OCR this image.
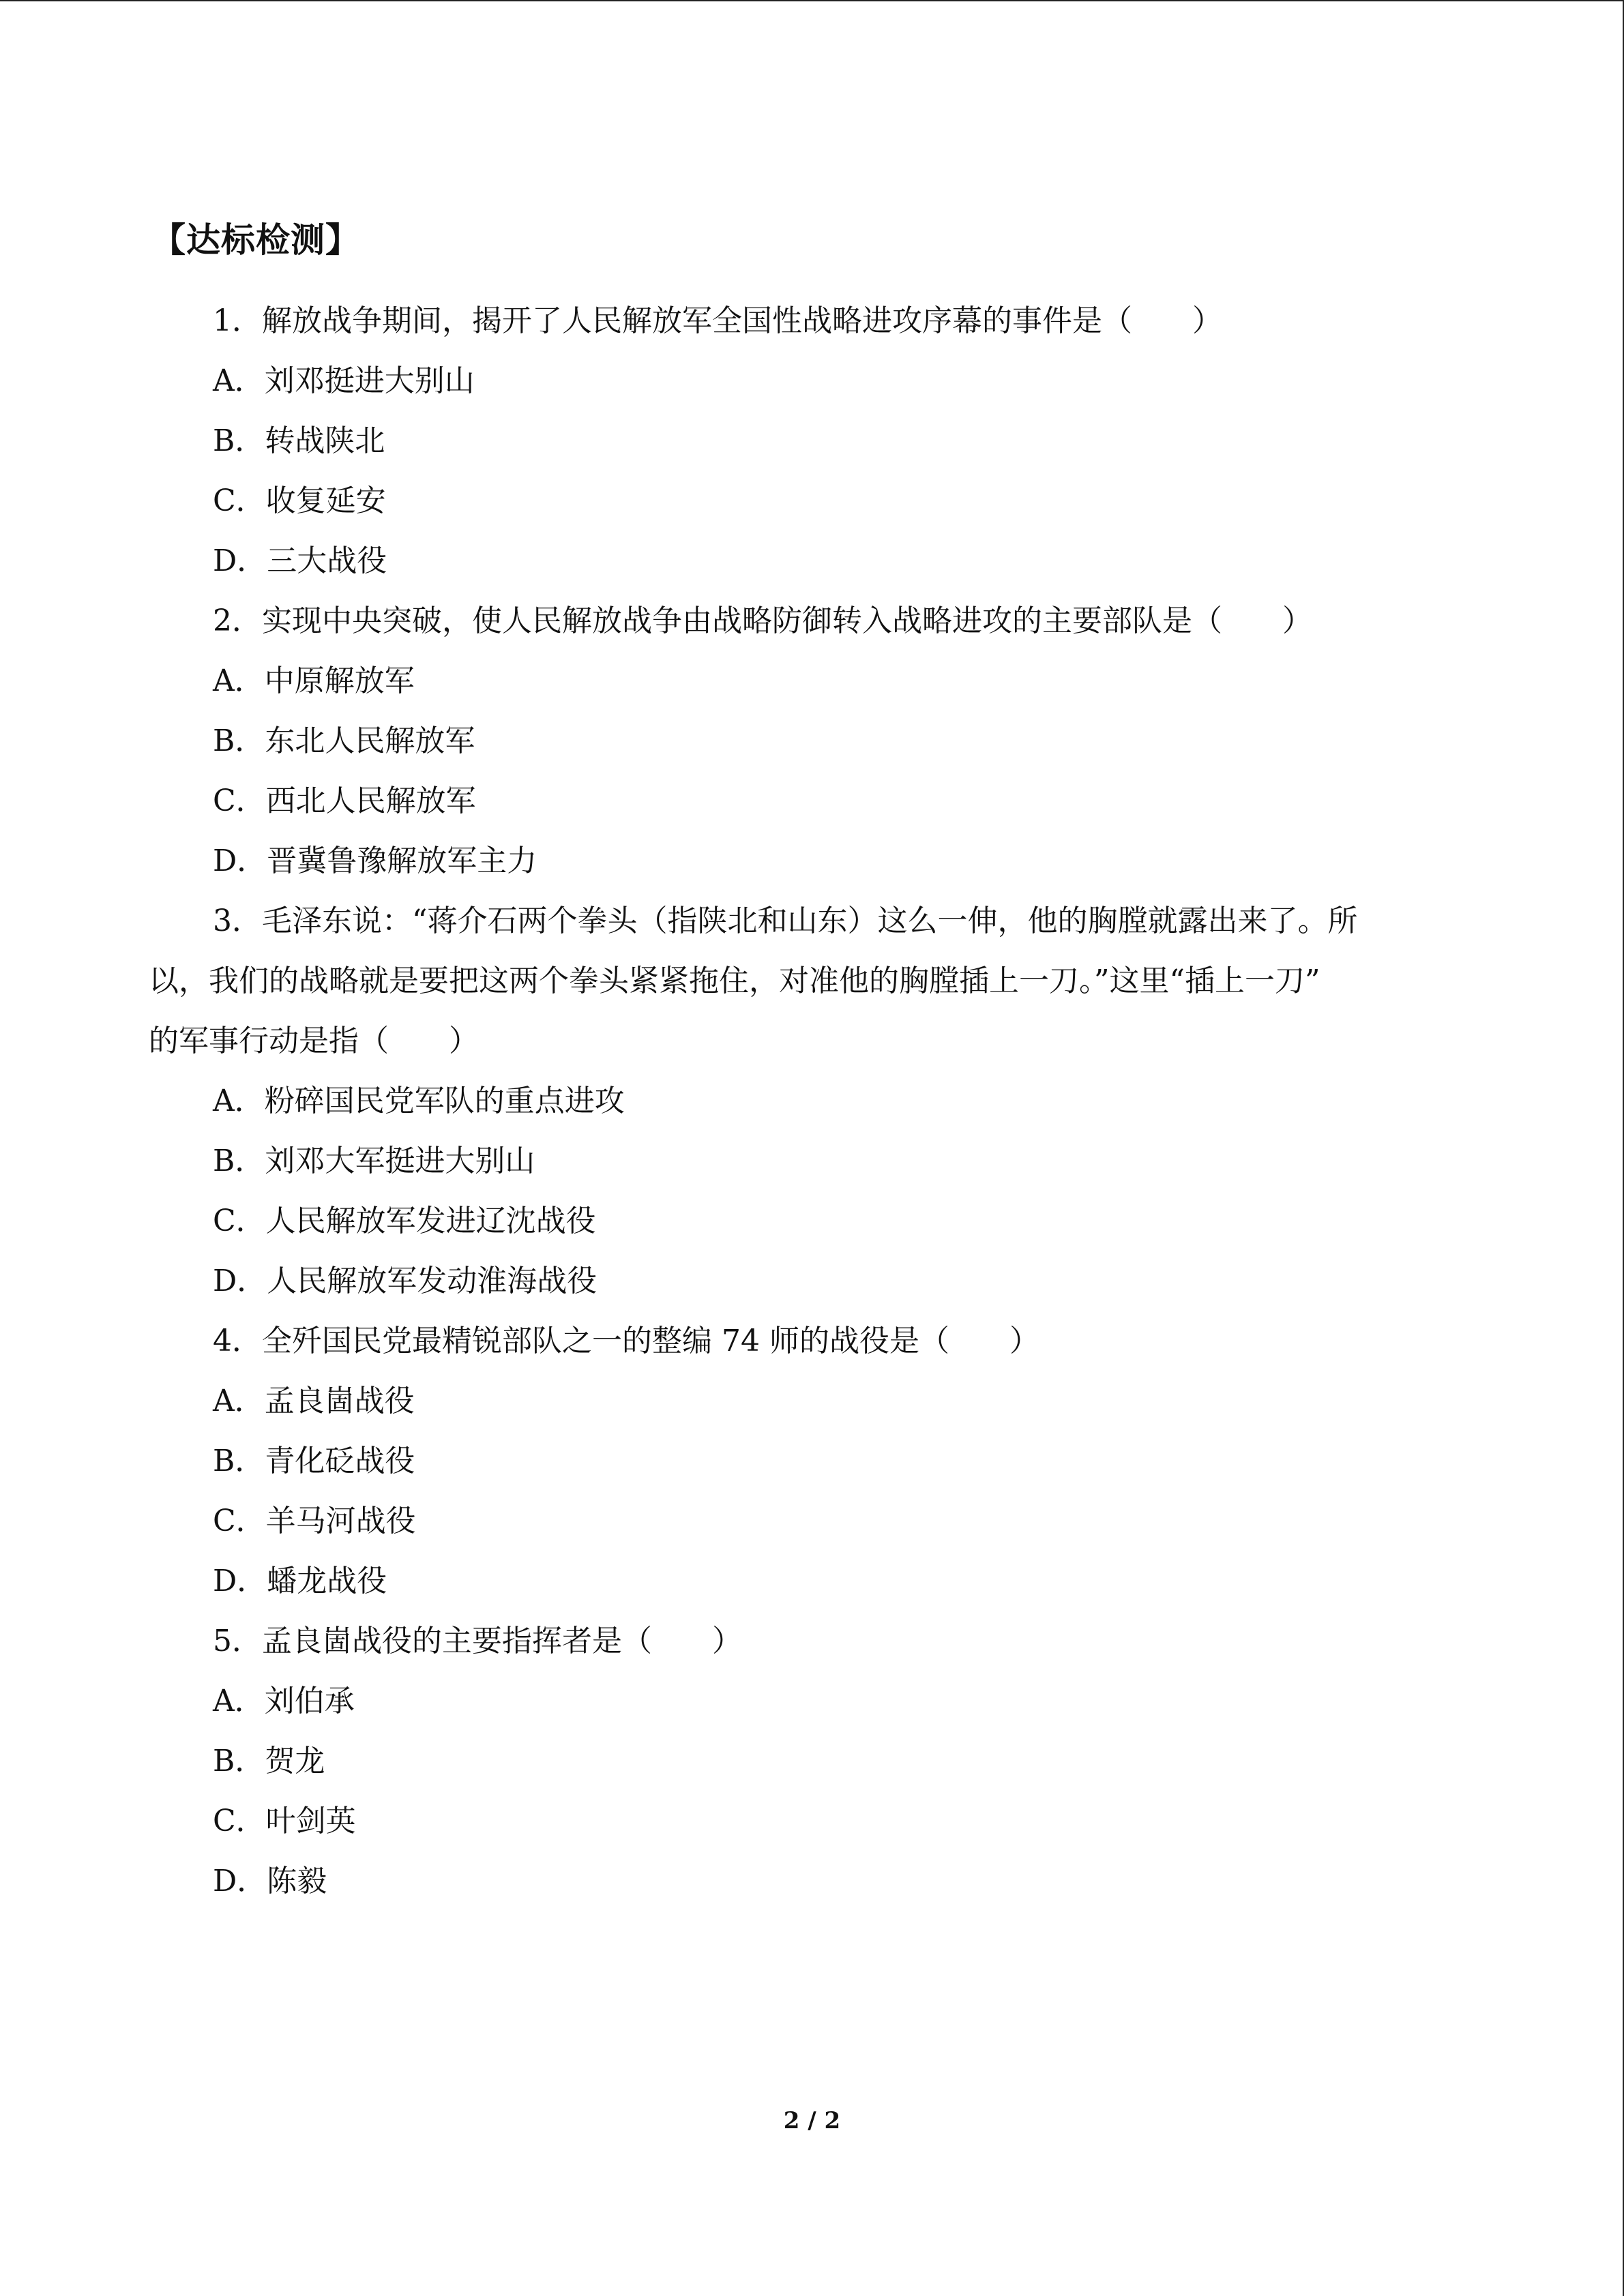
【达标检测】
1．解放战争期间，揭开了人民解放军全国性战略进攻序幕的事件是（　　）
A．刘邓挺进大别山
B．转战陕北
C．收复延安
D．三大战役
2．实现中央突破，使人民解放战争由战略防御转入战略进攻的主要部队是（　　）
A．中原解放军
B．东北人民解放军
C．西北人民解放军
D．晋冀鲁豫解放军主力
3．毛泽东说：“蒋介石两个拳头（指陕北和山东）这么一伸，他的胸膛就露出来了。所
以，我们的战略就是要把这两个拳头紧紧拖住，对准他的胸膛插上一刀。”这里“插上一刀”
的军事行动是指（　　）
A．粉碎国民党军队的重点进攻
B．刘邓大军挺进大别山
C．人民解放军发进辽沈战役
D．人民解放军发动淮海战役
4．全歼国民党最精锐部队之一的整编 74 师的战役是（　　）
A．孟良崮战役
B．青化砭战役
C．羊马河战役
D．蟠龙战役
5．孟良崮战役的主要指挥者是（　　）
A．刘伯承
B．贺龙
C．叶剑英
D．陈毅
2 / 2
